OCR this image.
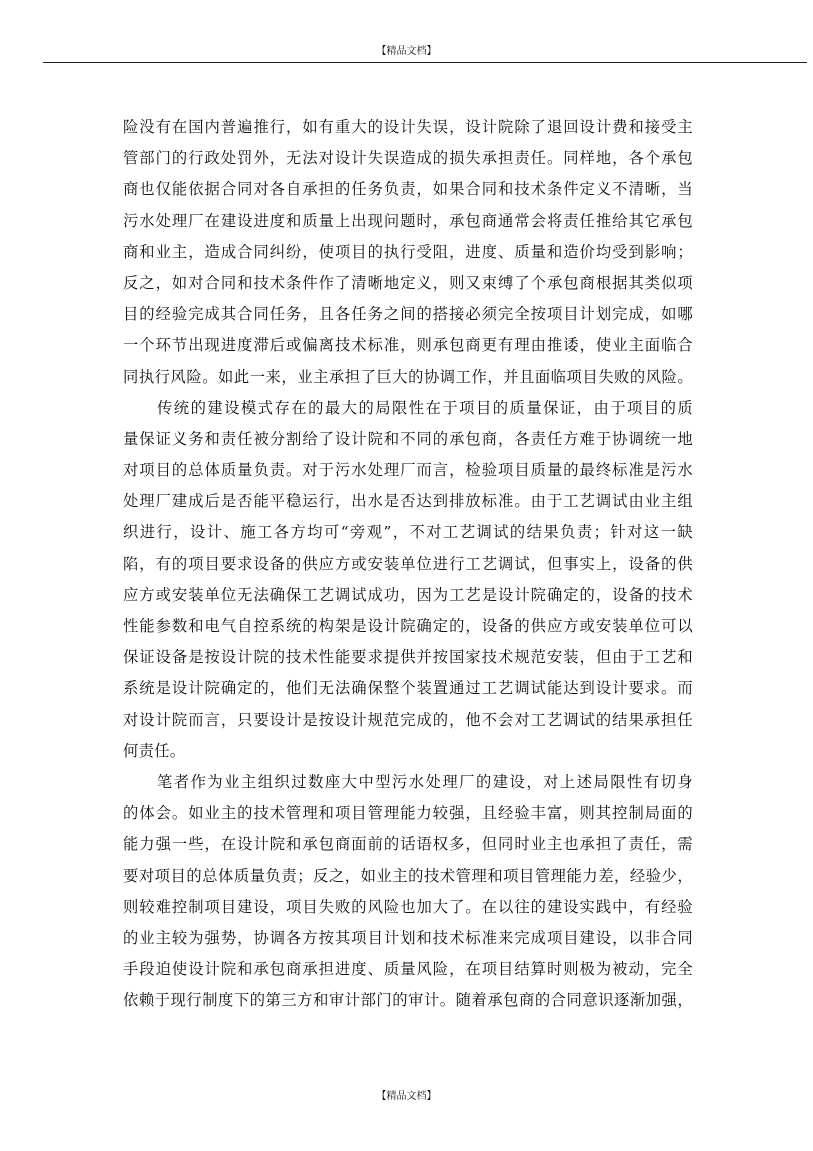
【精品文档】
险没有在国内普遍推行，如有重大的设计失误，设计院除了退回设计费和接受主
管部门的行政处罚外，无法对设计失误造成的损失承担责任。同样地，各个承包
商也仅能依据合同对各自承担的任务负责，如果合同和技术条件定义不清晰，当
污水处理厂在建设进度和质量上出现问题时，承包商通常会将责任推给其它承包
商和业主，造成合同纠纷，使项目的执行受阻，进度、质量和造价均受到影响；
反之，如对合同和技术条件作了清晰地定义，则又束缚了个承包商根据其类似项
目的经验完成其合同任务，且各任务之间的搭接必须完全按项目计划完成，如哪
一个环节出现进度滞后或偏离技术标准，则承包商更有理由推诿，使业主面临合
同执行风险。如此一来，业主承担了巨大的协调工作，并且面临项目失败的风险。
传统的建设模式存在的最大的局限性在于项目的质量保证，由于项目的质
量保证义务和责任被分割给了设计院和不同的承包商，各责任方难于协调统一地
对项目的总体质量负责。对于污水处理厂而言，检验项目质量的最终标准是污水
处理厂建成后是否能平稳运行，出水是否达到排放标准。由于工艺调试由业主组
织进行，设计、施工各方均可“旁观”，不对工艺调试的结果负责；针对这一缺
陷，有的项目要求设备的供应方或安装单位进行工艺调试，但事实上，设备的供
应方或安装单位无法确保工艺调试成功，因为工艺是设计院确定的，设备的技术
性能参数和电气自控系统的构架是设计院确定的，设备的供应方或安装单位可以
保证设备是按设计院的技术性能要求提供并按国家技术规范安装，但由于工艺和
系统是设计院确定的，他们无法确保整个装置通过工艺调试能达到设计要求。而
对设计院而言，只要设计是按设计规范完成的，他不会对工艺调试的结果承担任
何责任。
笔者作为业主组织过数座大中型污水处理厂的建设，对上述局限性有切身
的体会。如业主的技术管理和项目管理能力较强，且经验丰富，则其控制局面的
能力强一些，在设计院和承包商面前的话语权多，但同时业主也承担了责任，需
要对项目的总体质量负责；反之，如业主的技术管理和项目管理能力差，经验少，
则较难控制项目建设，项目失败的风险也加大了。在以往的建设实践中，有经验
的业主较为强势，协调各方按其项目计划和技术标准来完成项目建设，以非合同
手段迫使设计院和承包商承担进度、质量风险，在项目结算时则极为被动，完全
依赖于现行制度下的第三方和审计部门的审计。随着承包商的合同意识逐渐加强，
【精品文档】
